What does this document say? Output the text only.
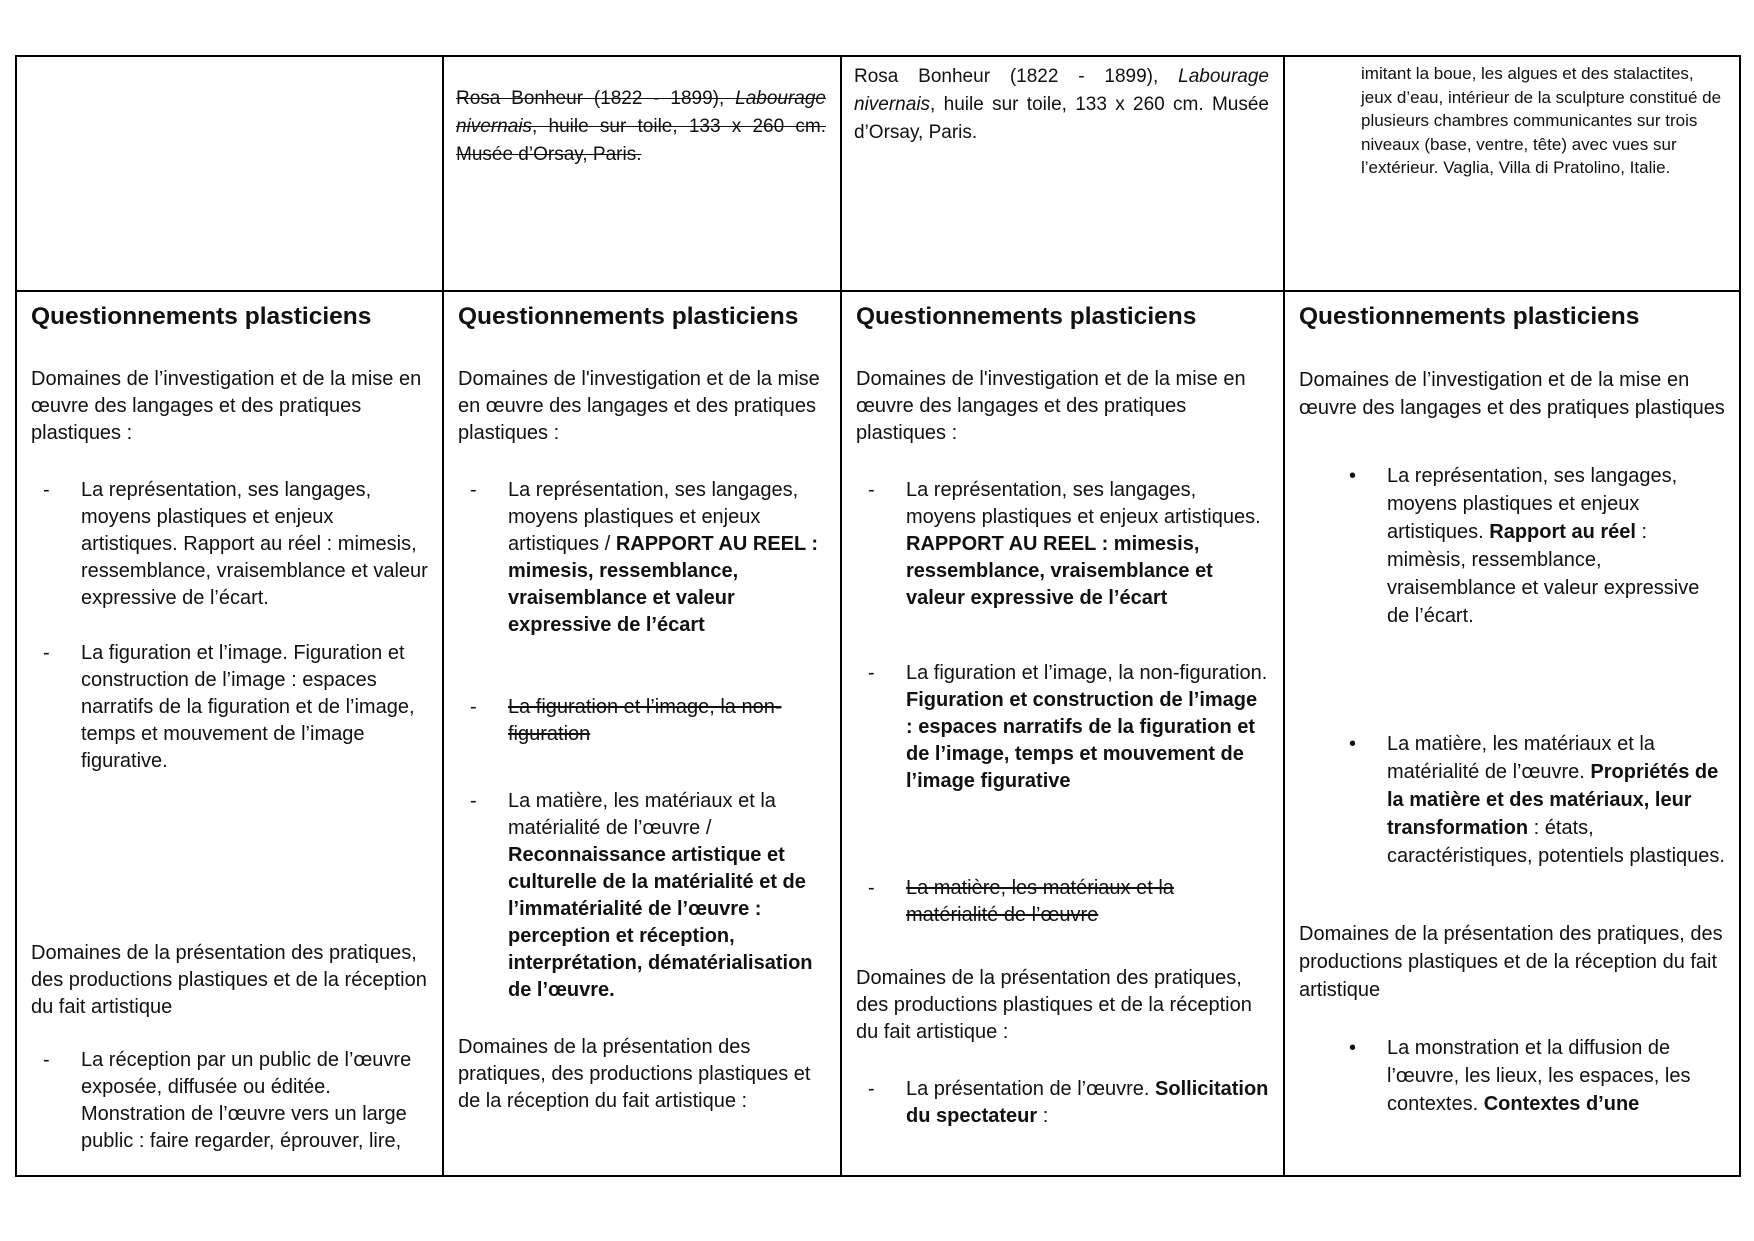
	Rosa Bonheur (1822 - 1899), Labourage nivernais, huile sur toile, 133 x 260 cm. Musée d’Orsay, Paris.	Rosa Bonheur (1822 - 1899), Labourage nivernais, huile sur toile, 133 x 260 cm. Musée d’Orsay, Paris.	imitant la boue, les algues et des stalactites, jeux d’eau, intérieur de la sculpture constitué de plusieurs chambres communicantes sur trois niveaux (base, ventre, tête) avec vues sur l’extérieur. Vaglia, Villa di Pratolino, Italie.

Questionnements plasticiens

Domaines de l’investigation et de la mise en œuvre des langages et des pratiques plastiques :

- La représentation, ses langages, moyens plastiques et enjeux artistiques. Rapport au réel : mimesis, ressemblance, vraisemblance et valeur expressive de l’écart.
- La figuration et l’image. Figuration et construction de l’image : espaces narratifs de la figuration et de l’image, temps et mouvement de l’image figurative.

Domaines de la présentation des pratiques, des productions plastiques et de la réception du fait artistique

- La réception par un public de l’œuvre exposée, diffusée ou éditée. Monstration de l’œuvre vers un large public : faire regarder, éprouver, lire,

Questionnements plasticiens

Domaines de l'investigation et de la mise en œuvre des langages et des pratiques plastiques :

- La représentation, ses langages, moyens plastiques et enjeux artistiques / RAPPORT AU REEL : mimesis, ressemblance, vraisemblance et valeur expressive de l’écart
- La figuration et l’image, la non-figuration
- La matière, les matériaux et la matérialité de l’œuvre / Reconnaissance artistique et culturelle de la matérialité et de l’immatérialité de l’œuvre : perception et réception, interprétation, dématérialisation de l’œuvre.

Domaines de la présentation des pratiques, des productions plastiques et de la réception du fait artistique :

Questionnements plasticiens

Domaines de l'investigation et de la mise en œuvre des langages et des pratiques plastiques :

- La représentation, ses langages, moyens plastiques et enjeux artistiques. RAPPORT AU REEL : mimesis, ressemblance, vraisemblance et valeur expressive de l’écart
- La figuration et l’image, la non-figuration. Figuration et construction de l’image : espaces narratifs de la figuration et de l’image, temps et mouvement de l’image figurative
- La matière, les matériaux et la matérialité de l’œuvre

Domaines de la présentation des pratiques, des productions plastiques et de la réception du fait artistique :

- La présentation de l’œuvre. Sollicitation du spectateur :

Questionnements plasticiens

Domaines de l’investigation et de la mise en œuvre des langages et des pratiques plastiques

• La représentation, ses langages, moyens plastiques et enjeux artistiques. Rapport au réel : mimèsis, ressemblance, vraisemblance et valeur expressive de l’écart.
• La matière, les matériaux et la matérialité de l’œuvre. Propriétés de la matière et des matériaux, leur transformation : états, caractéristiques, potentiels plastiques.

Domaines de la présentation des pratiques, des productions plastiques et de la réception du fait artistique

• La monstration et la diffusion de l’œuvre, les lieux, les espaces, les contextes. Contextes d’une
